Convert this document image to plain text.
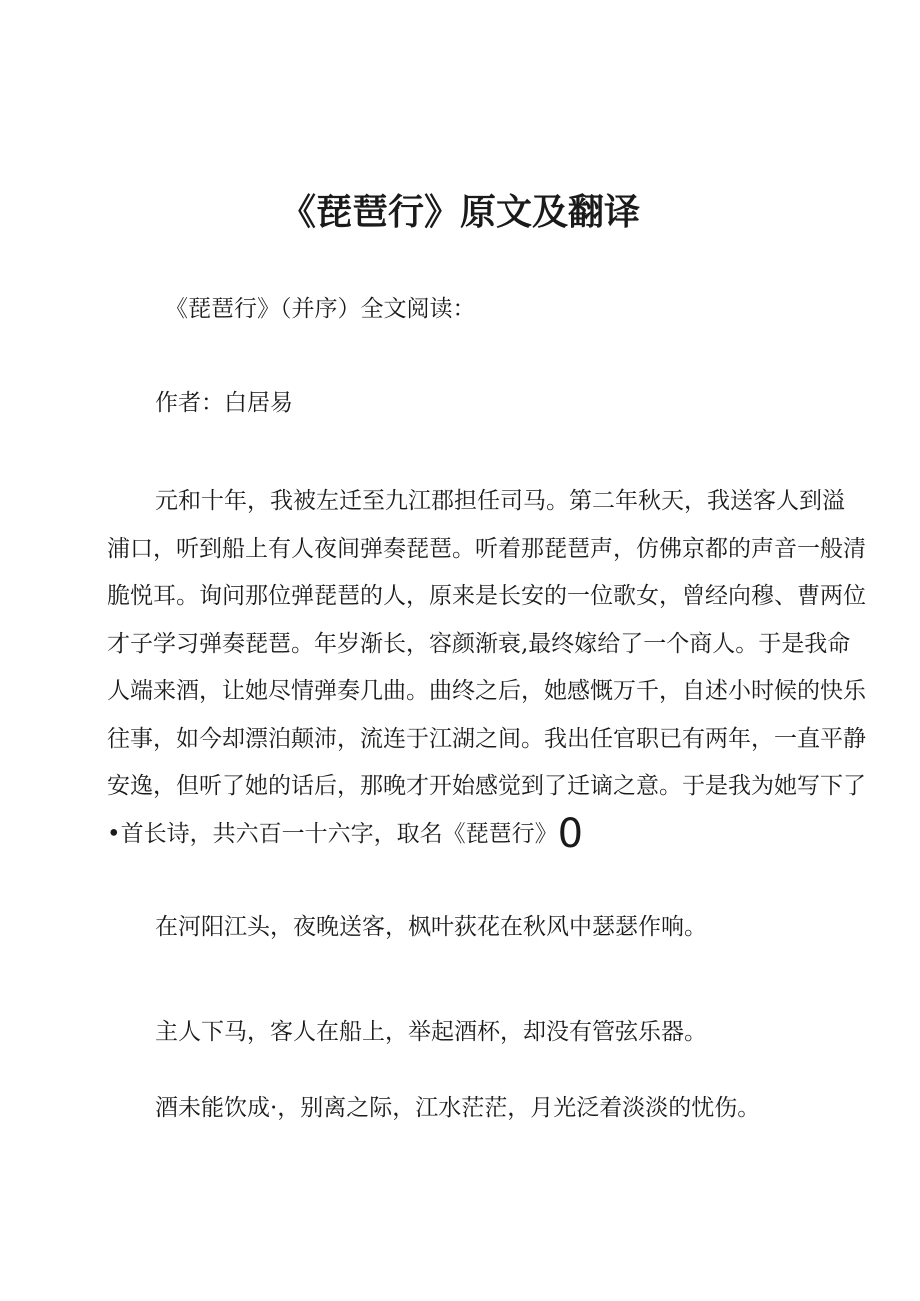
《琵琶行》原文及翻译
《琵琶行》（并序）全文阅读：
作者：白居易
元和十年，我被左迁至九江郡担任司马。第二年秋天，我送客人到溢
浦口，听到船上有人夜间弹奏琵琶。听着那琵琶声，仿佛京都的声音一般清
脆悦耳。询问那位弹琵琶的人，原来是长安的一位歌女，曾经向穆、曹两位
才子学习弹奏琵琶。年岁渐长，容颜渐衰,最终嫁给了一个商人。于是我命
人端来酒，让她尽情弹奏几曲。曲终之后，她感慨万千，自述小时候的快乐
往事，如今却漂泊颠沛，流连于江湖之间。我出任官职已有两年，一直平静
安逸，但听了她的话后，那晚才开始感觉到了迁谪之意。于是我为她写下了
•首长诗，共六百一十六字，取名《琵琶行》0
在河阳江头，夜晚送客，枫叶荻花在秋风中瑟瑟作响。
主人下马，客人在船上，举起酒杯，却没有管弦乐器。
酒未能饮成·，别离之际，江水茫茫，月光泛着淡淡的忧伤。
